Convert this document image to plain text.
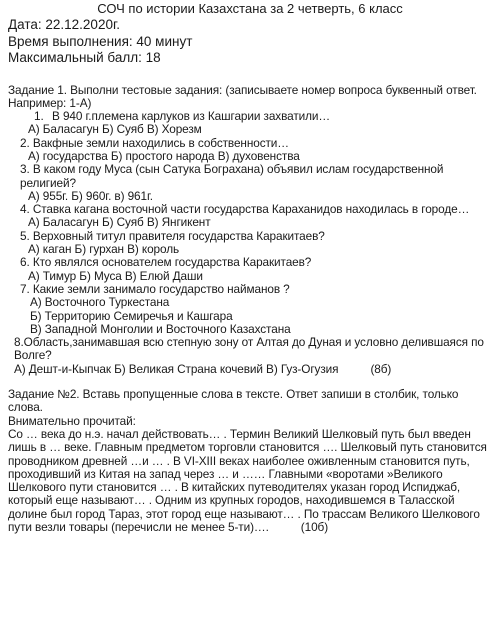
СОЧ по истории Казахстана за 2 четверть, 6 класс
Дата: 22.12.2020г.
Время выполнения: 40 минут
Максимальный балл: 18
Задание 1. Выполни тестовые задания: (записываете номер вопроса буквенный ответ. Например: 1-А)
1. В 940 г.племена карлуков из Кашгарии захватили…
А) Баласагун Б) Суяб В) Хорезм
2. Вакфные земли находились в собственности…
А) государства Б) простого народа В) духовенства
3. В каком году Муса (сын Сатука Богрaхана) объявил ислам государственной религией?
А) 955г. Б) 960г. в) 961г.
4. Ставка кагана восточной части государства Караханидов находилась в городе…
А) Баласагун Б) Суяб В) Янгикент
5. Верховный титул правителя государства Каракитаев?
А) каган Б) гурхан В) король
6. Кто являлся основателем государства Каракитаев?
А) Тимур Б) Муса В) Елюй Даши
7. Какие земли занимало государство найманов ?
А) Восточного Туркестана
Б) Территорию Семиречья и Кашгара
В) Западной Монголии и Восточного Казахстана
8.Область,занимавшая всю степную зону от Алтая до Дуная и условно делившаяся по Волге?
А) Дешт-и-Кыпчак Б) Великая Страна кочевий В) Гуз-Огузия	(8б)
Задание №2. Вставь пропущенные слова в тексте. Ответ запиши в столбик, только слова.
Внимательно прочитай:
Со … века до н.э. начал действовать… . Термин Великий Шелковый путь был введен лишь в … веке. Главным предметом торговли становится …. Шелковый путь становится проводником древней …и … . В VI-XIII веках наиболее оживленным становится путь, проходивший из Китая на запад через … и …… Главными «воротами »Великого Шелкового пути становится … . В китайских путеводителях указан город Испиджаб, который еще называют… . Одним из крупных городов, находившемся в Таласской долине был город Тараз, этот город еще называют… . По трассам Великого Шелкового пути везли товары (перечисли не менее 5-ти)….	(10б)
